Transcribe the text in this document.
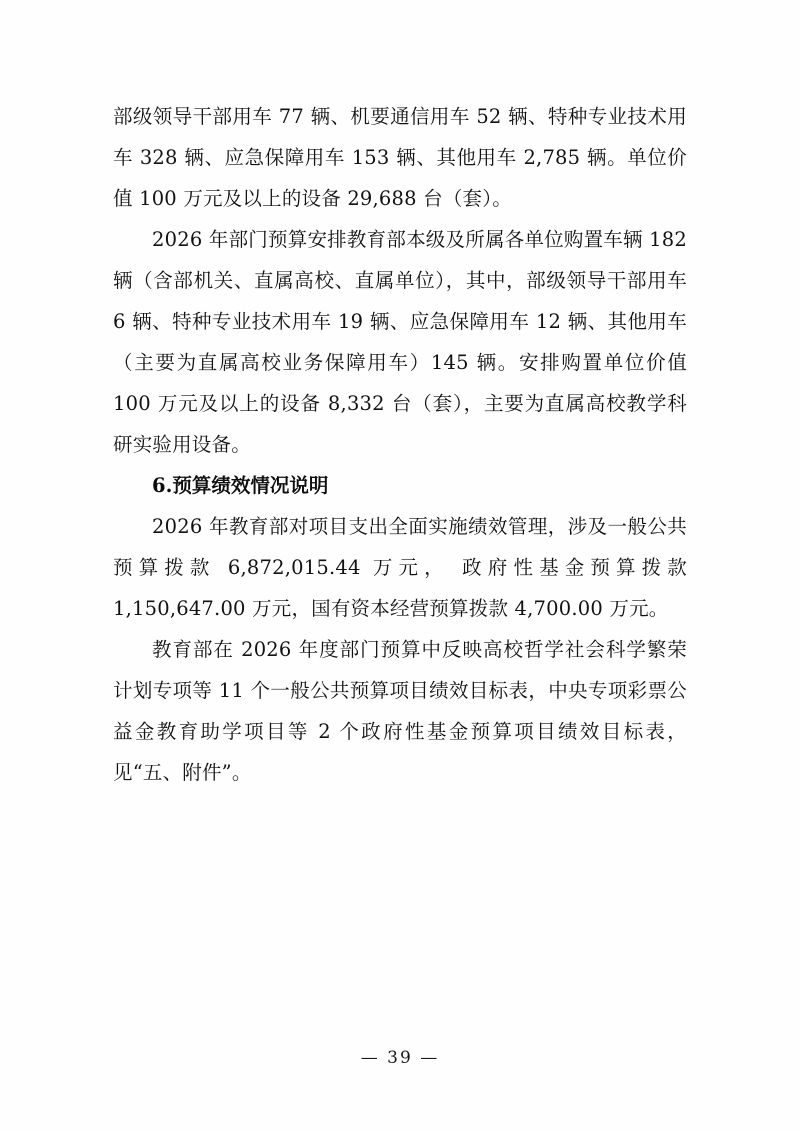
部级领导干部用车 77 辆、机要通信用车 52 辆、特种专业技术用车 328 辆、应急保障用车 153 辆、其他用车 2,785 辆。单位价值 100 万元及以上的设备 29,688 台（套）。

2026 年部门预算安排教育部本级及所属各单位购置车辆 182 辆（含部机关、直属高校、直属单位），其中，部级领导干部用车 6 辆、特种专业技术用车 19 辆、应急保障用车 12 辆、其他用车（主要为直属高校业务保障用车）145 辆。安排购置单位价值 100 万元及以上的设备 8,332 台（套），主要为直属高校教学科研实验用设备。

6.预算绩效情况说明

2026 年教育部对项目支出全面实施绩效管理，涉及一般公共预算拨款 6,872,015.44 万元， 政府性基金预算拨款 1,150,647.00 万元，国有资本经营预算拨款 4,700.00 万元。

教育部在 2026 年度部门预算中反映高校哲学社会科学繁荣计划专项等 11 个一般公共预算项目绩效目标表，中央专项彩票公益金教育助学项目等 2 个政府性基金预算项目绩效目标表，见“五、附件”。

— 39 —
